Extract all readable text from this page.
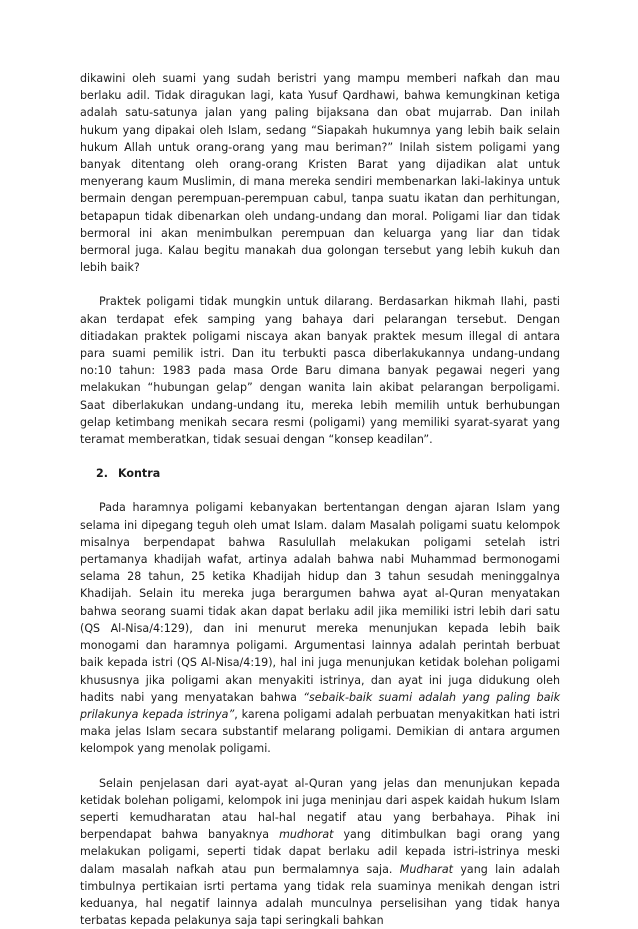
dikawini oleh suami yang sudah beristri yang mampu memberi nafkah dan mau berlaku adil. Tidak diragukan lagi, kata Yusuf Qardhawi, bahwa kemungkinan ketiga adalah satu-satunya jalan yang paling bijaksana dan obat mujarrab. Dan inilah hukum yang dipakai oleh Islam, sedang “Siapakah hukumnya yang lebih baik selain hukum Allah untuk orang-orang yang mau beriman?” Inilah sistem poligami yang banyak ditentang oleh orang-orang Kristen Barat yang dijadikan alat untuk menyerang kaum Muslimin, di mana mereka sendiri membenarkan laki-lakinya untuk bermain dengan perempuan-perempuan cabul, tanpa suatu ikatan dan perhitungan, betapapun tidak dibenarkan oleh undang-undang dan moral. Poligami liar dan tidak bermoral ini akan menimbulkan perempuan dan keluarga yang liar dan tidak bermoral juga. Kalau begitu manakah dua golongan tersebut yang lebih kukuh dan lebih baik?

Praktek poligami tidak mungkin untuk dilarang. Berdasarkan hikmah Ilahi, pasti akan terdapat efek samping yang bahaya dari pelarangan tersebut. Dengan ditiadakan praktek poligami niscaya akan banyak praktek mesum illegal di antara para suami pemilik istri. Dan itu terbukti pasca diberlakukannya undang-undang no:10 tahun: 1983 pada masa Orde Baru dimana banyak pegawai negeri yang melakukan “hubungan gelap” dengan wanita lain akibat pelarangan berpoligami. Saat diberlakukan undang-undang itu, mereka lebih memilih untuk berhubungan gelap ketimbang menikah secara resmi (poligami) yang memiliki syarat-syarat yang teramat memberatkan, tidak sesuai dengan “konsep keadilan”.

2. Kontra

Pada haramnya poligami kebanyakan bertentangan dengan ajaran Islam yang selama ini dipegang teguh oleh umat Islam. dalam Masalah poligami suatu kelompok misalnya berpendapat bahwa Rasulullah melakukan poligami setelah istri pertamanya khadijah wafat, artinya adalah bahwa nabi Muhammad bermonogami selama 28 tahun, 25 ketika Khadijah hidup dan 3 tahun sesudah meninggalnya Khadijah. Selain itu mereka juga berargumen bahwa ayat al-Quran menyatakan bahwa seorang suami tidak akan dapat berlaku adil jika memiliki istri lebih dari satu (QS Al-Nisa/4:129), dan ini menurut mereka menunjukan kepada lebih baik monogami dan haramnya poligami. Argumentasi lainnya adalah perintah berbuat baik kepada istri (QS Al-Nisa/4:19), hal ini juga menunjukan ketidak bolehan poligami khususnya jika poligami akan menyakiti istrinya, dan ayat ini juga didukung oleh hadits nabi yang menyatakan bahwa “sebaik-baik suami adalah yang paling baik prilakunya kepada istrinya”, karena poligami adalah perbuatan menyakitkan hati istri maka jelas Islam secara substantif melarang poligami. Demikian di antara argumen kelompok yang menolak poligami.

Selain penjelasan dari ayat-ayat al-Quran yang jelas dan menunjukan kepada ketidak bolehan poligami, kelompok ini juga meninjau dari aspek kaidah hukum Islam seperti kemudharatan atau hal-hal negatif atau yang berbahaya. Pihak ini berpendapat bahwa banyaknya mudhorat yang ditimbulkan bagi orang yang melakukan poligami, seperti tidak dapat berlaku adil kepada istri-istrinya meski dalam masalah nafkah atau pun bermalamnya saja. Mudharat yang lain adalah timbulnya pertikaian isrti pertama yang tidak rela suaminya menikah dengan istri keduanya, hal negatif lainnya adalah munculnya perselisihan yang tidak hanya terbatas kepada pelakunya saja tapi seringkali bahkan
